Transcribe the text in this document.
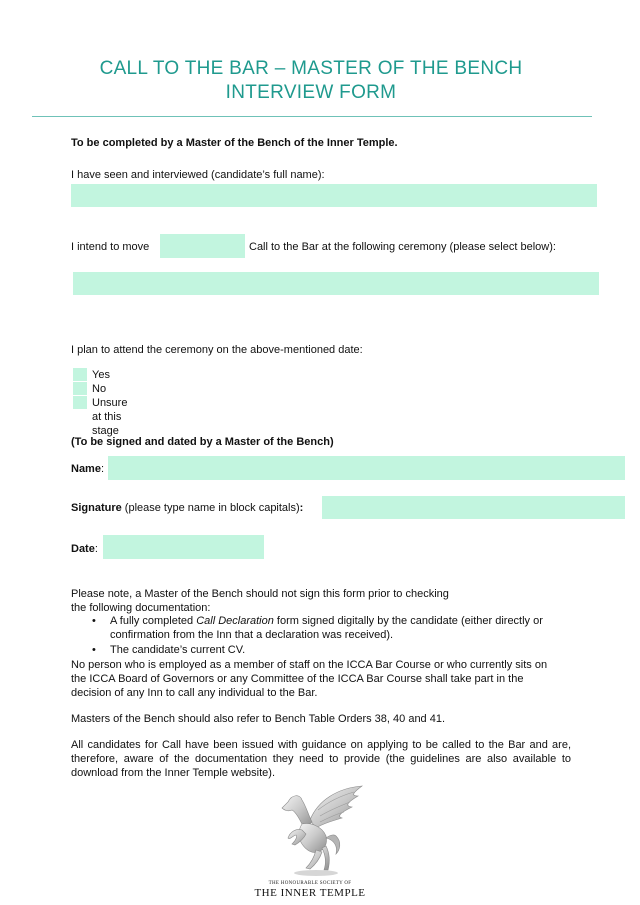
CALL TO THE BAR – MASTER OF THE BENCH
INTERVIEW FORM
To be completed by a Master of the Bench of the Inner Temple.
I have seen and interviewed (candidate’s full name):
I intend to move	Call to the Bar at the following ceremony (please select below):
I plan to attend the ceremony on the above-mentioned date:
Yes
No
Unsure at this stage
(To be signed and dated by a Master of the Bench)
Name:
Signature (please type name in block capitals):
Date:
Please note, a Master of the Bench should not sign this form prior to checking
the following documentation:
• A fully completed Call Declaration form signed digitally by the candidate (either directly or confirmation from the Inn that a declaration was received).
• The candidate’s current CV.
No person who is employed as a member of staff on the ICCA Bar Course or who currently sits on the ICCA Board of Governors or any Committee of the ICCA Bar Course shall take part in the decision of any Inn to call any individual to the Bar.
Masters of the Bench should also refer to Bench Table Orders 38, 40 and 41.
All candidates for Call have been issued with guidance on applying to be called to the Bar and are, therefore, aware of the documentation they need to provide (the guidelines are also available to download from the Inner Temple website).
THE HONOURABLE SOCIETY OF
THE INNER TEMPLE
